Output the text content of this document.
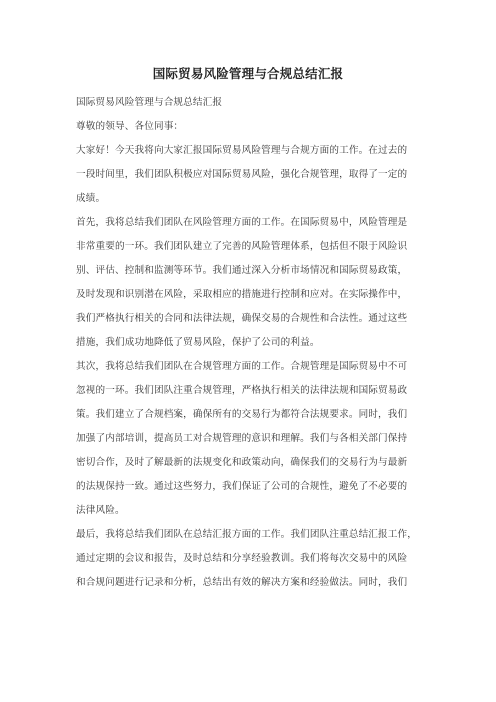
国际贸易风险管理与合规总结汇报

国际贸易风险管理与合规总结汇报

尊敬的领导、各位同事：

大家好！今天我将向大家汇报国际贸易风险管理与合规方面的工作。在过去的

一段时间里，我们团队积极应对国际贸易风险，强化合规管理，取得了一定的

成绩。

首先，我将总结我们团队在风险管理方面的工作。在国际贸易中，风险管理是

非常重要的一环。我们团队建立了完善的风险管理体系，包括但不限于风险识

别、评估、控制和监测等环节。我们通过深入分析市场情况和国际贸易政策，

及时发现和识别潜在风险，采取相应的措施进行控制和应对。在实际操作中，

我们严格执行相关的合同和法律法规，确保交易的合规性和合法性。通过这些

措施，我们成功地降低了贸易风险，保护了公司的利益。

其次，我将总结我们团队在合规管理方面的工作。合规管理是国际贸易中不可

忽视的一环。我们团队注重合规管理，严格执行相关的法律法规和国际贸易政

策。我们建立了合规档案，确保所有的交易行为都符合法规要求。同时，我们

加强了内部培训，提高员工对合规管理的意识和理解。我们与各相关部门保持

密切合作，及时了解最新的法规变化和政策动向，确保我们的交易行为与最新

的法规保持一致。通过这些努力，我们保证了公司的合规性，避免了不必要的

法律风险。

最后，我将总结我们团队在总结汇报方面的工作。我们团队注重总结汇报工作，

通过定期的会议和报告，及时总结和分享经验教训。我们将每次交易中的风险

和合规问题进行记录和分析，总结出有效的解决方案和经验做法。同时，我们
